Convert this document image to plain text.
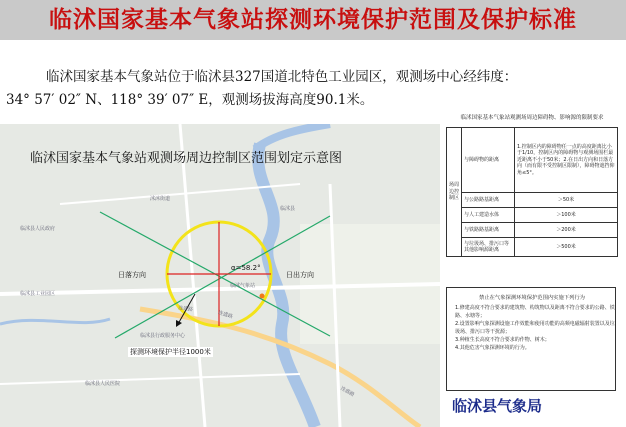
临沭国家基本气象站探测环境保护范围及保护标准
临沭国家基本气象站位于临沭县327国道北特色工业园区，观测场中心经纬度：
34° 57′ 02″ N、118° 39′ 07″ E，观测场拔海高度90.1米。
临沭国家基本气象站观测场周边控制区范围划定示意图
日落方向	日出方向
α=58.2°
探测环境保护半径1000米
连盛路
连盛路
连盛路
沭沐街道
临沭县
临沭气象站
临沭县人民政府
临沭县行政服务中心
临沭县工业园区
临沭县人民医院
临沭国家基本气象站观测场周边障碍物、影响源的限制要求
场周边控制区	与障碍物的距离	1.控制区内的障碍物任一点的高度距离比小于1/10，控制区内的障碍物与观测场围栏最近距离不小于50米；2.在日出方向和日落方向（而有限不受控制区限制），障碍物遮挡仰角≤5°。
	与公路路基距离	＞50米
	与人工建造水体	＞100米
	与铁路路基距离	＞200米
	与垃圾场、排污口等其他影响源距离	＞500米
禁止在气象探测环境保护范围内实施下列行为
1.修建高度不符合要求的建筑物、构筑物以及距离不符合要求的公路、铁路、水塘等；
2.设置影响气象探测设施工作效能和使用功能的高频电磁辐射装置以及垃圾场、排污口等干扰源；
3.种植生长高度不符合要求的作物、树木；
4.其他危害气象探测环境的行为。
临沭县气象局
